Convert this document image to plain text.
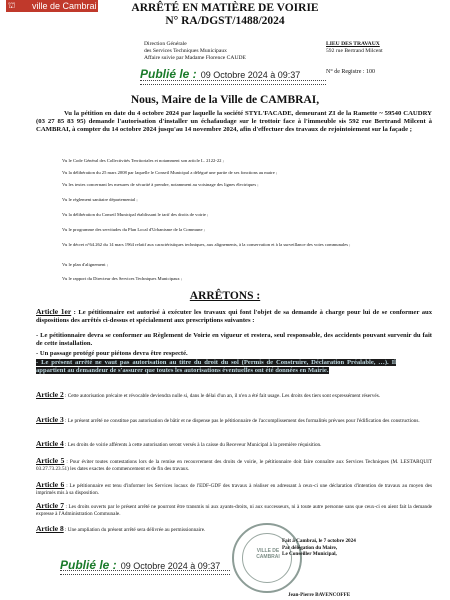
ville de Cambrai
⛫	ARRÊTÉ EN MATIÈRE DE VOIRIE
N° RA/DGST/1488/2024
Direction Générale
des Services Techniques Municipaux
Affaire suivie par Madame Florence CAUDE
LIEU DES TRAVAUX
592 rue Bertrand Milcent
N° de Registre : 100
Publié le : 09 Octobre 2024 à 09:37
Nous, Maire de la Ville de CAMBRAI,
Vu la pétition en date du 4 octobre 2024 par laquelle la société STYL'FACADE, demeurant ZI de la Ramette ~ 59540 CAUDRY (03 27 85 83 95) demande l'autorisation d'installer un échafaudage sur le trottoir face à l'immeuble sis 592 rue Bertrand Milcent à CAMBRAI, à compter du 14 octobre 2024 jusqu'au 14 novembre 2024, afin d'effectuer des travaux de rejointoiement sur la façade ;
Vu le Code Général des Collectivités Territoriales et notamment son article L. 2122-22 ;
Vu la délibération du 25 mars 2008 par laquelle le Conseil Municipal a délégué une partie de ses fonctions au maire ;
Vu les textes concernant les mesures de sécurité à prendre, notamment au voisinage des lignes électriques ;
Vu le règlement sanitaire départemental ;
Vu la délibération du Conseil Municipal établissant le tarif des droits de voirie ;
Vu le programme des servitudes du Plan Local d'Urbanisme de la Commune ;
Vu le décret n°64.262 du 14 mars 1964 relatif aux caractéristiques techniques, aux alignements, à la conservation et à la surveillance des voies communales ;
Vu le plan d'alignement ;
Vu le rapport du Directeur des Services Techniques Municipaux ;
ARRÊTONS :
Article 1er : Le pétitionnaire est autorisé à exécuter les travaux qui font l'objet de sa demande à charge pour lui de se conformer aux dispositions des arrêtés ci-dessus et spécialement aux prescriptions suivantes :
- Le pétitionnaire devra se conformer au Règlement de Voirie en vigueur et restera, seul responsable, des accidents pouvant survenir du fait de cette installation.
- Un passage protégé pour piétons devra être respecté.
- Le présent arrêté ne vaut pas autorisation au titre du droit du sol (Permis de Construire, Déclaration Préalable, …). Il appartient au demandeur de s'assurer que toutes les autorisations éventuelles ont été données en Mairie.
Article 2 : Cette autorisation précaire et révocable deviendra nulle si, dans le délai d'un an, il n'en a été fait usage. Les droits des tiers sont expressément réservés.
Article 3 : Le présent arrêté ne constitue pas autorisation de bâtir et ne dispense pas le pétitionnaire de l'accomplissement des formalités prévues pour l'édification des constructions.
Article 4 : Les droits de voirie afférents à cette autorisation seront versés à la caisse du Receveur Municipal à la première réquisition.
Article 5 : Pour éviter toutes contestations lors de la remise en recouvrement des droits de voirie, le pétitionnaire doit faire connaître aux Services Techniques (M. LESTARQUIT 03.27.73.23.51) les dates exactes de commencement et de fin des travaux.
Article 6 : Le pétitionnaire est tenu d'informer les Services locaux de l'EDF-GDF des travaux à réaliser en adressant à ceux-ci une déclaration d'intention de travaux au moyen des imprimés mis à sa disposition.
Article 7 : Les droits ouverts par le présent arrêté ne pourront être transmis ni aux ayants-droits, ni aux successeurs, ni à toute autre personne sans que ceux-ci en aient fait la demande expresse à l'Administration Communale.
Article 8 : Une ampliation du présent arrêté sera délivrée au permissionnaire.
VILLE DE CAMBRAI
Fait à Cambrai, le 7 octobre 2024
Par délégation du Maire,
Le Conseiller Municipal,
Jean-Pierre BAVENCOFFE
Publié le : 09 Octobre 2024 à 09:37
